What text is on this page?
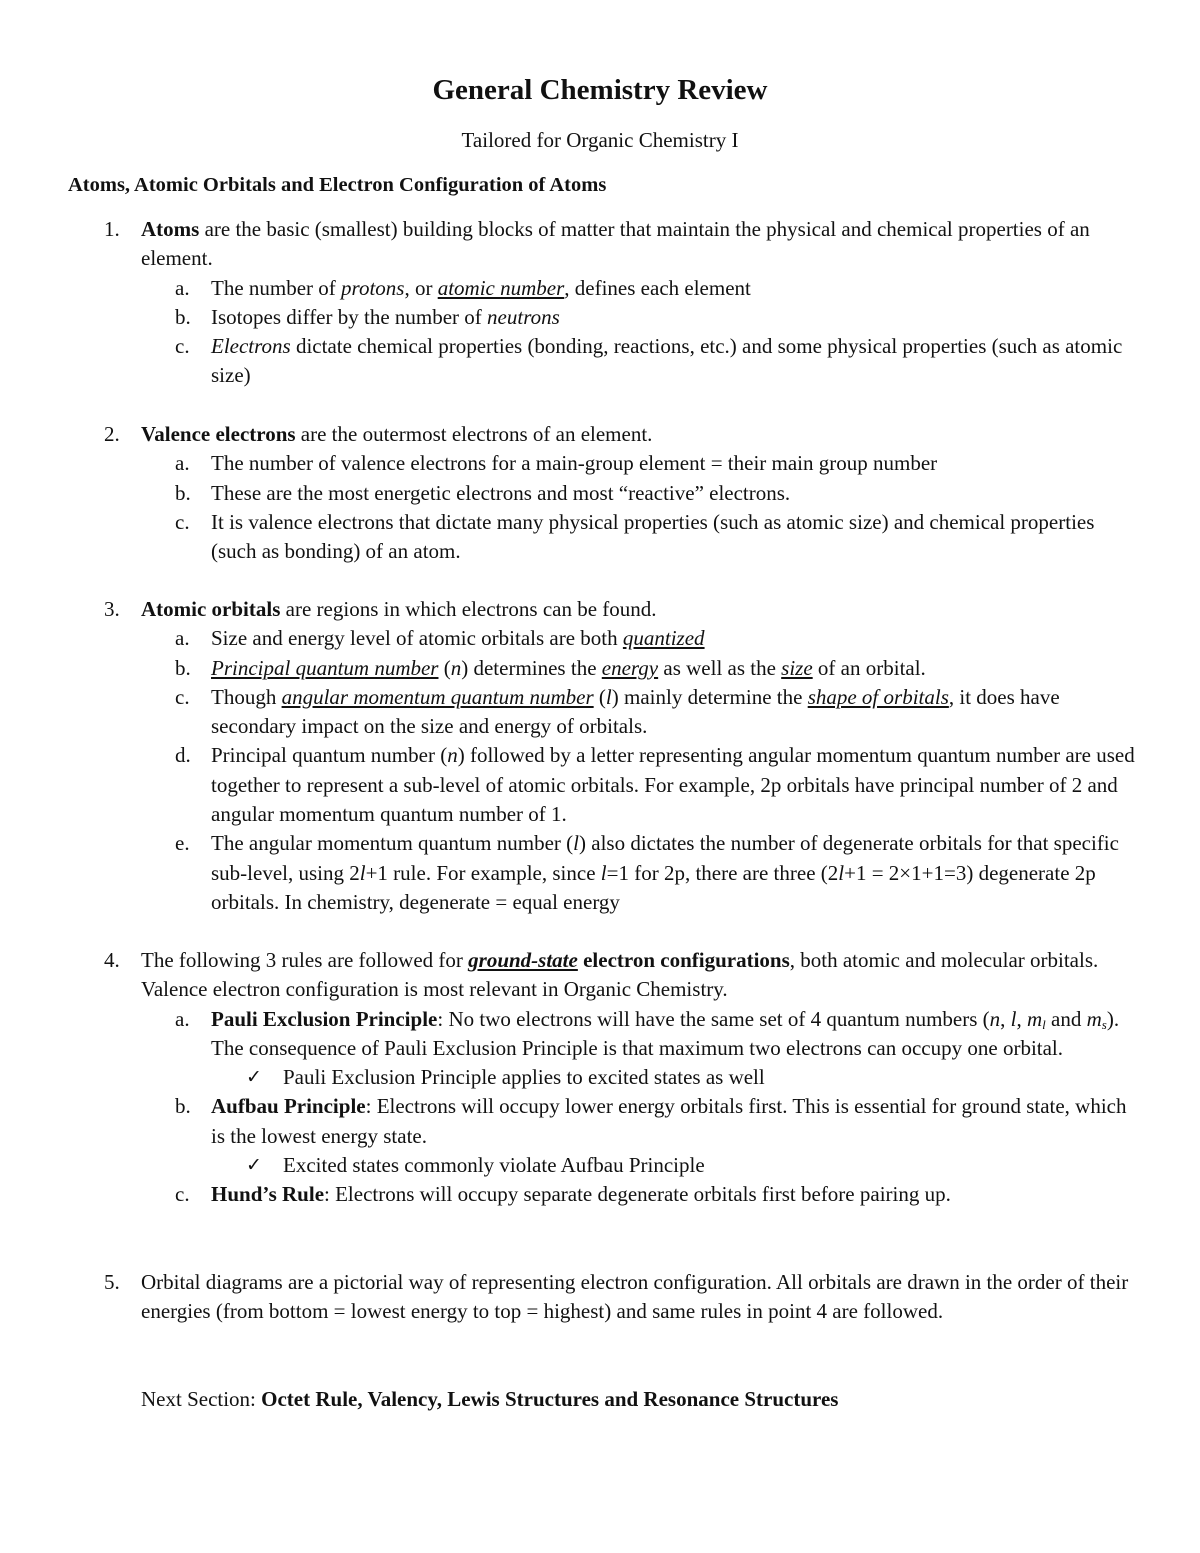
General Chemistry Review
Tailored for Organic Chemistry I
Atoms, Atomic Orbitals and Electron Configuration of Atoms
1. Atoms are the basic (smallest) building blocks of matter that maintain the physical and chemical properties of an element.
a. The number of protons, or atomic number, defines each element
b. Isotopes differ by the number of neutrons
c. Electrons dictate chemical properties (bonding, reactions, etc.) and some physical properties (such as atomic size)
2. Valence electrons are the outermost electrons of an element.
a. The number of valence electrons for a main-group element = their main group number
b. These are the most energetic electrons and most “reactive” electrons.
c. It is valence electrons that dictate many physical properties (such as atomic size) and chemical properties (such as bonding) of an atom.
3. Atomic orbitals are regions in which electrons can be found.
a. Size and energy level of atomic orbitals are both quantized
b. Principal quantum number (n) determines the energy as well as the size of an orbital.
c. Though angular momentum quantum number (l) mainly determine the shape of orbitals, it does have secondary impact on the size and energy of orbitals.
d. Principal quantum number (n) followed by a letter representing angular momentum quantum number are used together to represent a sub-level of atomic orbitals. For example, 2p orbitals have principal number of 2 and angular momentum quantum number of 1.
e. The angular momentum quantum number (l) also dictates the number of degenerate orbitals for that specific sub-level, using 2l+1 rule. For example, since l=1 for 2p, there are three (2l+1 = 2×1+1=3) degenerate 2p orbitals. In chemistry, degenerate = equal energy
4. The following 3 rules are followed for ground-state electron configurations, both atomic and molecular orbitals. Valence electron configuration is most relevant in Organic Chemistry.
a. Pauli Exclusion Principle: No two electrons will have the same set of 4 quantum numbers (n, l, $m_l$ and $m_s$). The consequence of Pauli Exclusion Principle is that maximum two electrons can occupy one orbital.
✓ Pauli Exclusion Principle applies to excited states as well
b. Aufbau Principle: Electrons will occupy lower energy orbitals first. This is essential for ground state, which is the lowest energy state.
✓ Excited states commonly violate Aufbau Principle
c. Hund’s Rule: Electrons will occupy separate degenerate orbitals first before pairing up.
5. Orbital diagrams are a pictorial way of representing electron configuration. All orbitals are drawn in the order of their energies (from bottom = lowest energy to top = highest) and same rules in point 4 are followed.
Next Section: Octet Rule, Valency, Lewis Structures and Resonance Structures
